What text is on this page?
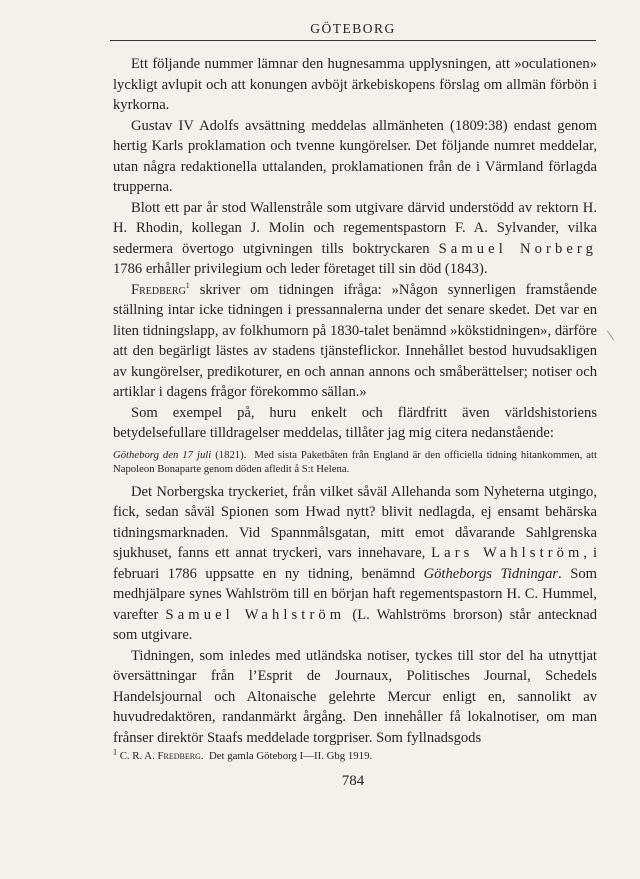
GÖTEBORG

Ett följande nummer lämnar den hugnesamma upplysningen, att »oculationen» lyckligt avlupit och att konungen avböjt ärkebiskopens förslag om allmän förbön i kyrkorna.

Gustav IV Adolfs avsättning meddelas allmänheten (1809:38) endast genom hertig Karls proklamation och tvenne kungörelser. Det följande numret meddelar, utan några redaktionella uttalanden, proklamationen från de i Värmland förlagda trupperna.

Blott ett par år stod Wallenstråle som utgivare därvid understödd av rektorn H. H. Rhodin, kollegan J. Molin och regementspastorn F. A. Sylvander, vilka sedermera övertogo utgivningen tills boktryckaren Samuel Norberg 1786 erhåller privilegium och leder företaget till sin död (1843).

Fredberg$^1$ skriver om tidningen ifråga: »Någon synnerligen framstående ställning intar icke tidningen i pressannalerna under det senare skedet. Det var en liten tidningslapp, av folkhumorn på 1830-talet benämnd »kökstidningen», därföre att den begärligt lästes av stadens tjänsteflickor. Innehållet bestod huvudsakligen av kungörelser, predikoturer, en och annan annons och småberättelser; notiser och artiklar i dagens frågor förekommo sällan.»

Som exempel på, huru enkelt och flärdfritt även världshistoriens betydelsefullare tilldragelser meddelas, tillåter jag mig citera nedanstående:

Götheborg den 17 juli (1821). Med sista Paketbåten från England är den officiella tidning hitankommen, att Napoleon Bonaparte genom döden afledit å S:t Helena.

Det Norbergska tryckeriet, från vilket såväl Allehanda som Nyheterna utgingo, fick, sedan såväl Spionen som Hwad nytt? blivit nedlagda, ej ensamt behärska tidningsmarknaden. Vid Spannmålsgatan, mitt emot dåvarande Sahlgrenska sjukhuset, fanns ett annat tryckeri, vars innehavare, Lars Wahlström, i februari 1786 uppsatte en ny tidning, benämnd Götheborgs Tidningar. Som medhjälpare synes Wahlström till en början haft regementspastorn H. C. Hummel, varefter Samuel Wahlström (L. Wahlströms brorson) står antecknad som utgivare.

Tidningen, som inledes med utländska notiser, tyckes till stor del ha utnyttjat översättningar från l’Esprit de Journaux, Politisches Journal, Schedels Handelsjournal och Altonaische gelehrte Mercur enligt en, sannolikt av huvudredaktören, randanmärkt årgång. Den innehåller få lokalnotiser, om man frånser direktör Staafs meddelade torgpriser. Som fyllnadsgods

$^1$ C. R. A. Fredberg. Det gamla Göteborg I—II. Gbg 1919.
784
